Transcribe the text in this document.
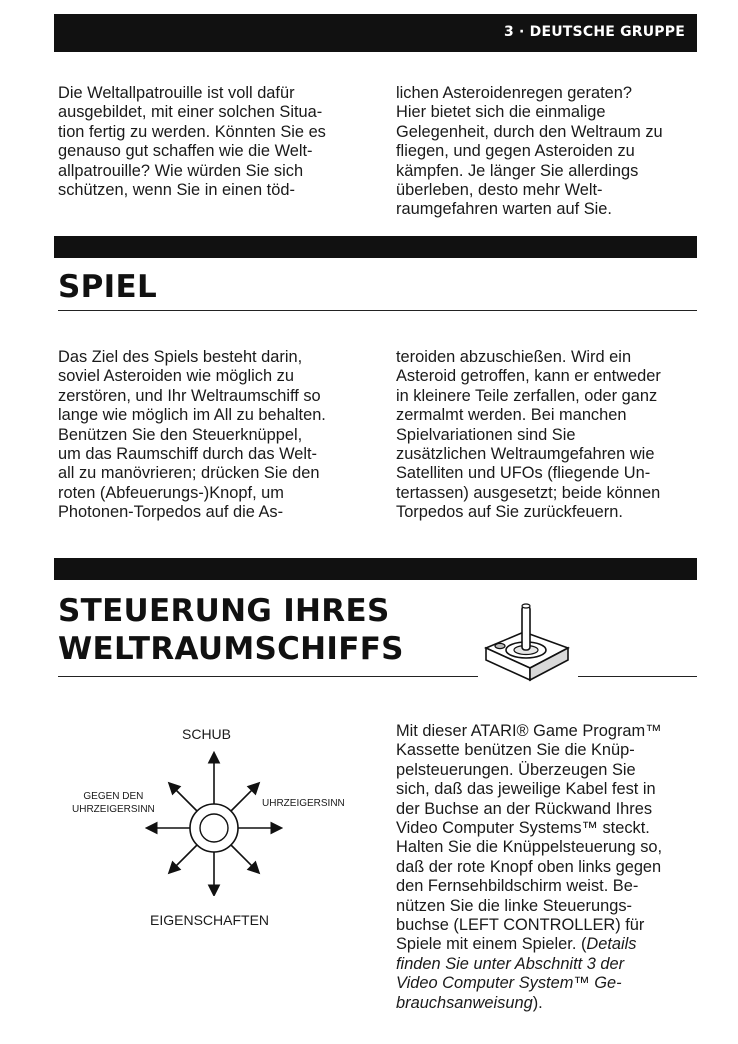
3 · DEUTSCHE GRUPPE

Die Weltallpatrouille ist voll dafür
ausgebildet, mit einer solchen Situa-
tion fertig zu werden. Könnten Sie es
genauso gut schaffen wie die Welt-
allpatrouille? Wie würden Sie sich
schützen, wenn Sie in einen töd-

lichen Asteroidenregen geraten?
Hier bietet sich die einmalige
Gelegenheit, durch den Weltraum zu
fliegen, und gegen Asteroiden zu
kämpfen. Je länger Sie allerdings
überleben, desto mehr Welt-
raumgefahren warten auf Sie.

SPIEL

Das Ziel des Spiels besteht darin,
soviel Asteroiden wie möglich zu
zerstören, und Ihr Weltraumschiff so
lange wie möglich im All zu behalten.
Benützen Sie den Steuerknüppel,
um das Raumschiff durch das Welt-
all zu manövrieren; drücken Sie den
roten (Abfeuerungs-)Knopf, um
Photonen-Torpedos auf die As-

teroiden abzuschießen. Wird ein
Asteroid getroffen, kann er entweder
in kleinere Teile zerfallen, oder ganz
zermalmt werden. Bei manchen
Spielvariationen sind Sie
zusätzlichen Weltraumgefahren wie
Satelliten und UFOs (fliegende Un-
tertassen) ausgesetzt; beide können
Torpedos auf Sie zurückfeuern.

STEUERUNG IHRES
WELTRAUMSCHIFFS
SCHUB
GEGEN DEN
UHRZEIGERSINN
UHRZEIGERSINN
EIGENSCHAFTEN

Mit dieser ATARI® Game Program™
Kassette benützen Sie die Knüp-
pelsteuerungen. Überzeugen Sie
sich, daß das jeweilige Kabel fest in
der Buchse an der Rückwand Ihres
Video Computer Systems™ steckt.
Halten Sie die Knüppelsteuerung so,
daß der rote Knopf oben links gegen
den Fernsehbildschirm weist. Be-
nützen Sie die linke Steuerungs-
buchse (LEFT CONTROLLER) für
Spiele mit einem Spieler. (Details
finden Sie unter Abschnitt 3 der
Video Computer System™ Ge-
brauchsanweisung).
